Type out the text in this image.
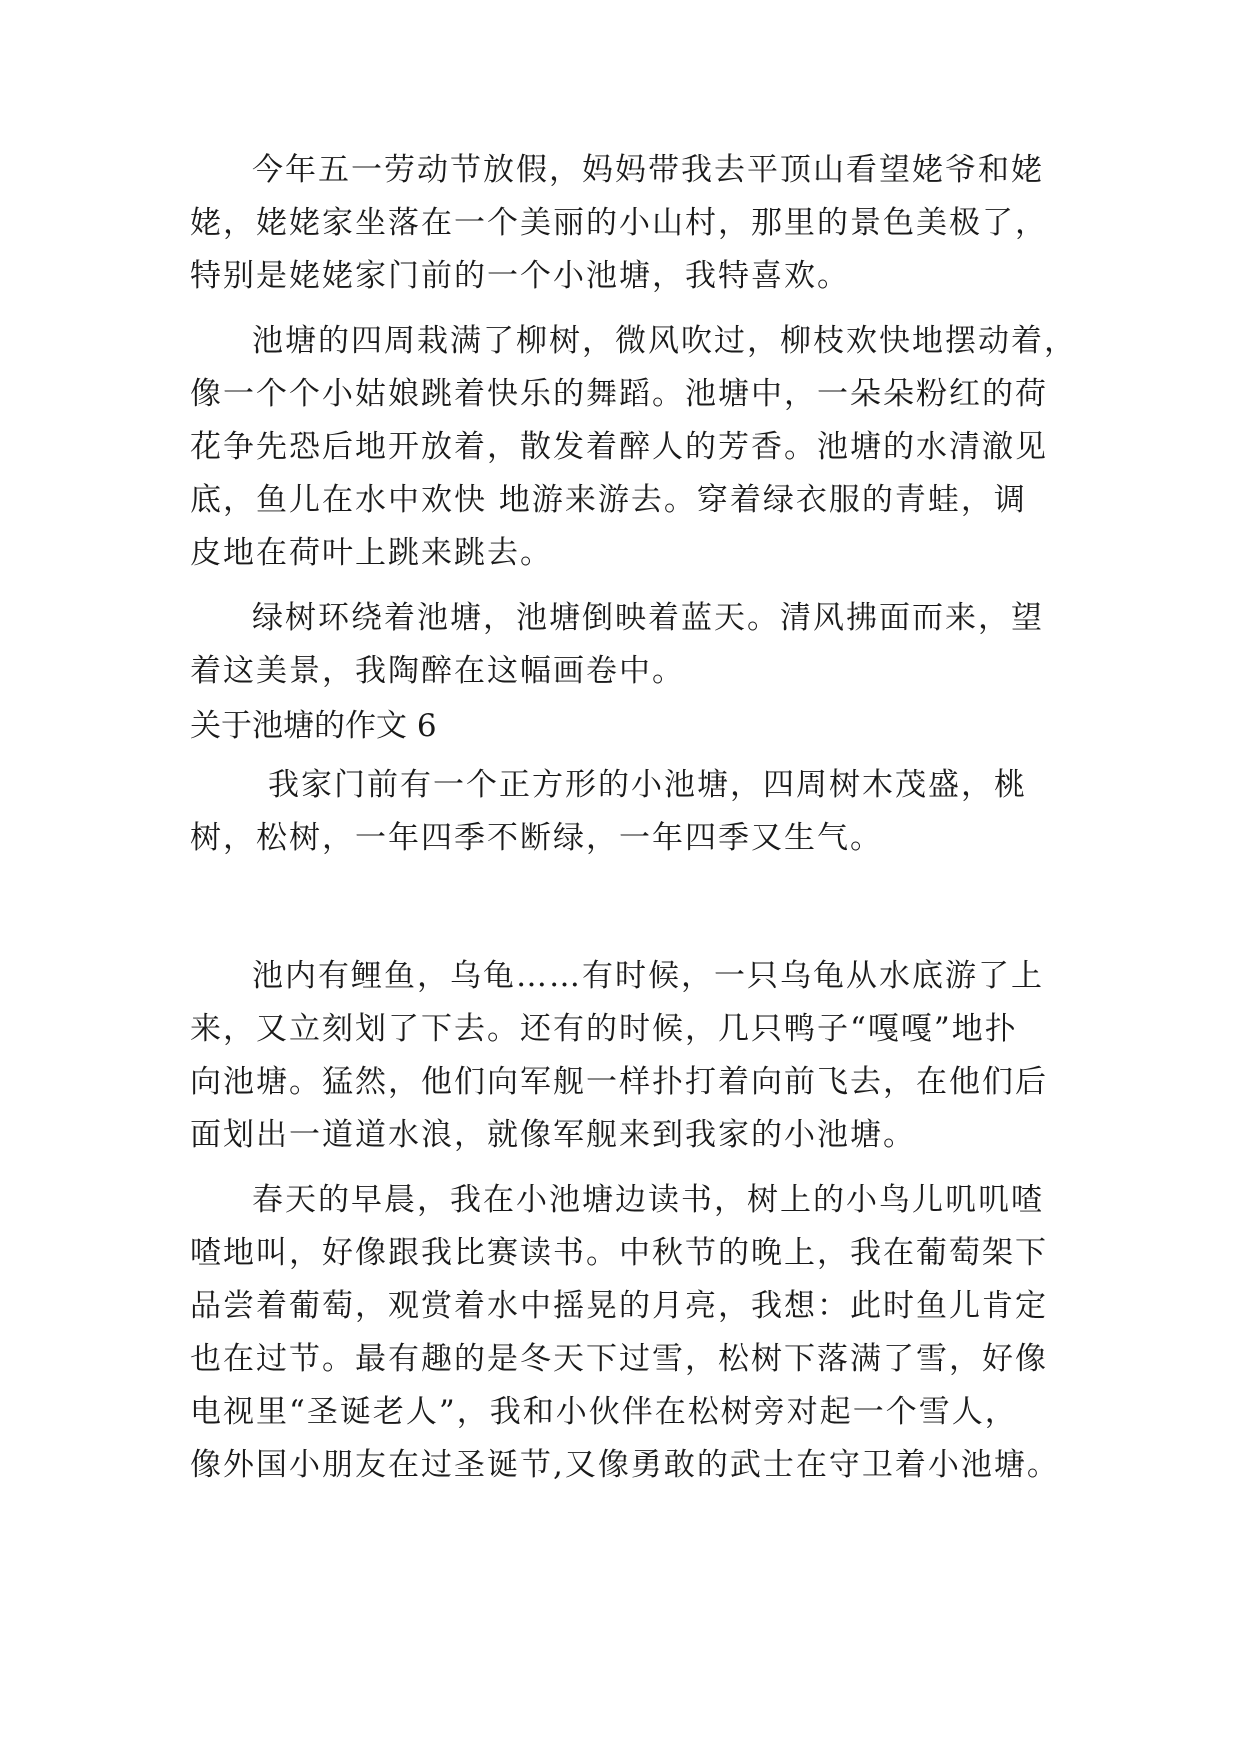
今年五一劳动节放假，妈妈带我去平顶山看望姥爷和姥
姥，姥姥家坐落在一个美丽的小山村，那里的景色美极了，
特别是姥姥家门前的一个小池塘，我特喜欢。
池塘的四周栽满了柳树，微风吹过，柳枝欢快地摆动着，
像一个个小姑娘跳着快乐的舞蹈。池塘中，一朵朵粉红的荷
花争先恐后地开放着，散发着醉人的芳香。池塘的水清澈见
底，鱼儿在水中欢快 地游来游去。穿着绿衣服的青蛙，调
皮地在荷叶上跳来跳去。
绿树环绕着池塘，池塘倒映着蓝天。清风拂面而来，望
着这美景，我陶醉在这幅画卷中。
关于池塘的作文 6
我家门前有一个正方形的小池塘，四周树木茂盛，桃
树，松树，一年四季不断绿，一年四季又生气。
池内有鲤鱼，乌龟……有时候，一只乌龟从水底游了上
来，又立刻划了下去。还有的时候，几只鸭子“嘎嘎”地扑
向池塘。猛然，他们向军舰一样扑打着向前飞去，在他们后
面划出一道道水浪，就像军舰来到我家的小池塘。
春天的早晨，我在小池塘边读书，树上的小鸟儿叽叽喳
喳地叫，好像跟我比赛读书。中秋节的晚上，我在葡萄架下
品尝着葡萄，观赏着水中摇晃的月亮，我想：此时鱼儿肯定
也在过节。最有趣的是冬天下过雪，松树下落满了雪，好像
电视里“圣诞老人”，我和小伙伴在松树旁对起一个雪人，
像外国小朋友在过圣诞节,又像勇敢的武士在守卫着小池塘。
